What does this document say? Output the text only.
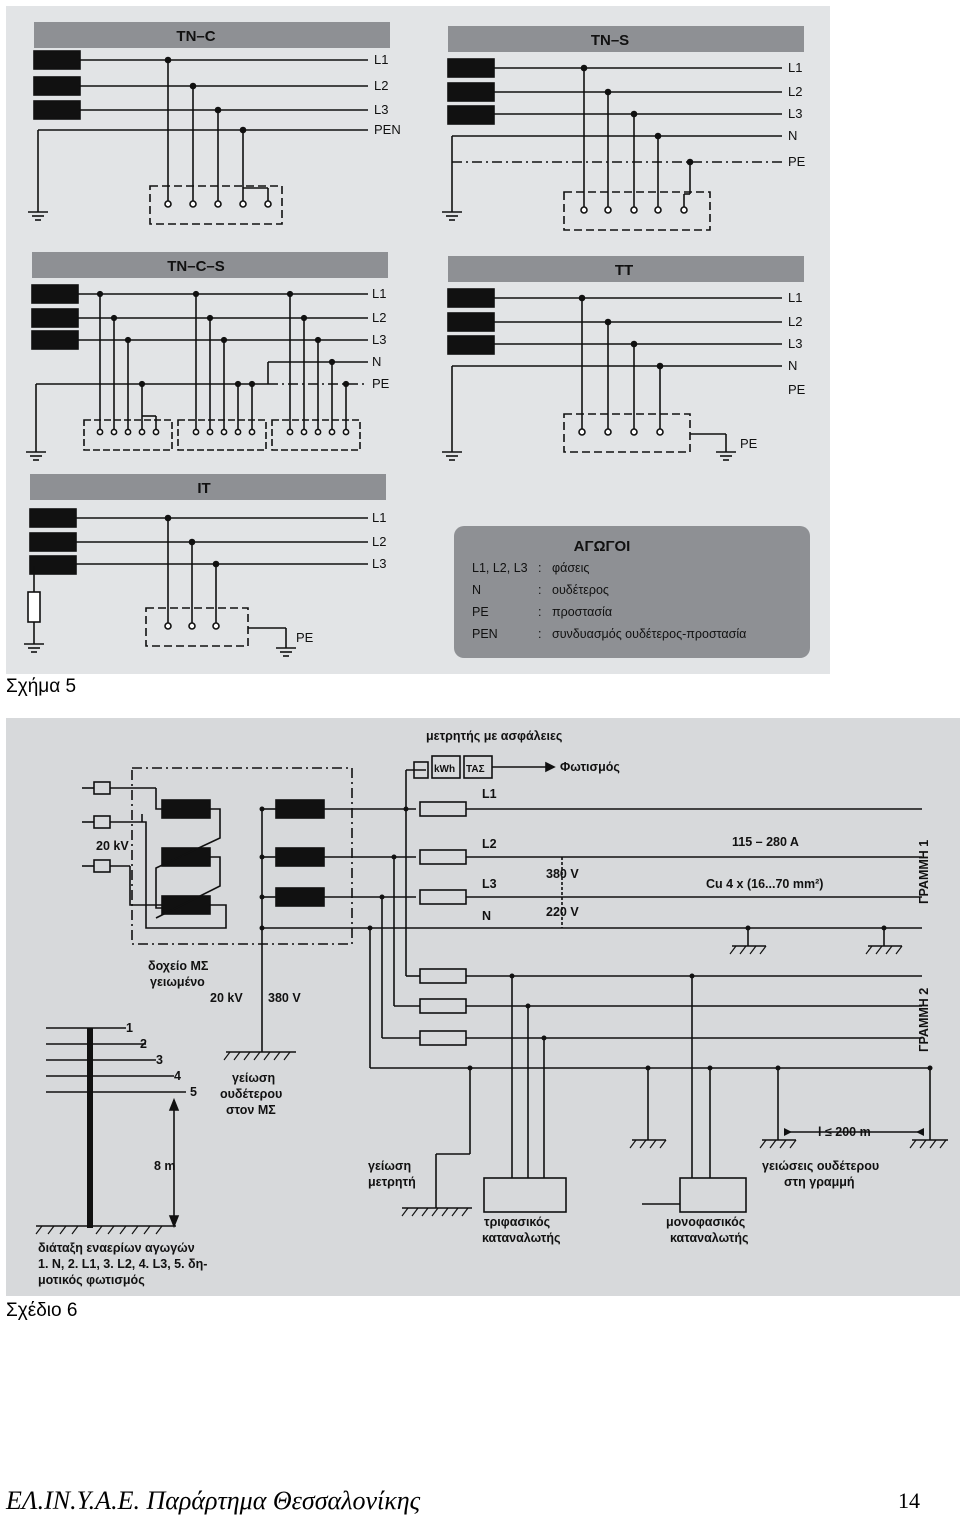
TN–C	TN–S
TN–C–S	TT
IT
L1
L2
L3
PEN
L1
L2
L3
N
PE
L1
L2
L3
N
PE
L1
L2
L3
N
PE
PE
L1
L2
L3
PE
ΑΓΩΓΟΙ
L1, L2, L3 : φάσεις
N	: ουδέτερος
PE	: προστασία
PEN	: συνδυασμός ουδέτερος-προστασία
Σχήμα 5
μετρητής με ασφάλειες
kWh ΤΑΣ	Φωτισμός
20 kV
L1
L2
L3
N
115 – 280 A
380 V
220 V
Cu 4 x (16...70 mm²)	ΓΡΑΜΜΗ 1
ΓΡΑΜΜΗ 2
δοχείο ΜΣ
γειωμένο
20 kV 380 V
1
2
3
4
5
γείωση
ουδέτερου
στον ΜΣ
8 m
l ≤ 200 m
γείωση
μετρητή
τριφασικός
καταναλωτής
μονοφασικός
καταναλωτής
γειώσεις ουδέτερου
στη γραμμή
διάταξη εναερίων αγωγών
1. N, 2. L1, 3. L2, 4. L3, 5. δη-
μοτικός φωτισμός
Σχέδιο 6
ΕΛ.ΙΝ.Υ.Α.Ε. Παράρτημα Θεσσαλονίκης	14
